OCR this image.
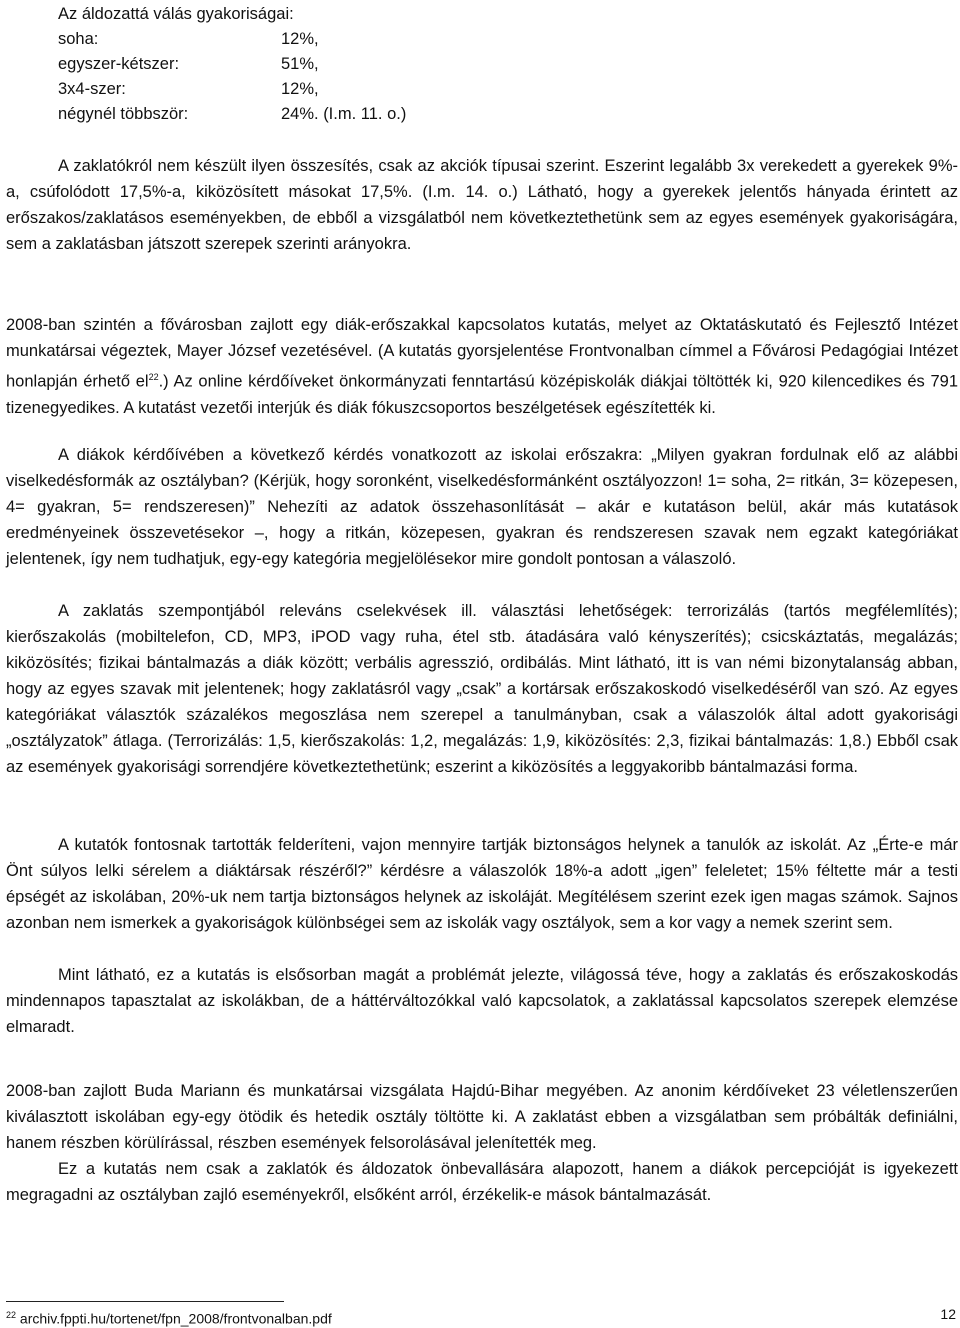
Az áldozattá válás gyakoriságai:
soha:	12%,
egyszer-kétszer:	51%,
3x4-szer:	12%,
négynél többször:	24%. (I.m. 11. o.)

A zaklatókról nem készült ilyen összesítés, csak az akciók típusai szerint. Eszerint legalább 3x verekedett a gyerekek 9%-a, csúfolódott 17,5%-a, kiközösített másokat 17,5%. (I.m. 14. o.) Látható, hogy a gyerekek jelentős hányada érintett az erőszakos/zaklatásos eseményekben, de ebből a vizsgálatból nem következtethetünk sem az egyes események gyakoriságára, sem a zaklatásban játszott szerepek szerinti arányokra.

2008-ban szintén a fővárosban zajlott egy diák-erőszakkal kapcsolatos kutatás, melyet az Oktatáskutató és Fejlesztő Intézet munkatársai végeztek, Mayer József vezetésével. (A kutatás gyorsjelentése Frontvonalban címmel a Fővárosi Pedagógiai Intézet honlapján érhető $el^{22}$.) Az online kérdőíveket önkormányzati fenntartású középiskolák diákjai töltötték ki, 920 kilencedikes és 791 tizenegyedikes. A kutatást vezetői interjúk és diák fókuszcsoportos beszélgetések egészítették ki.

A diákok kérdőívében a következő kérdés vonatkozott az iskolai erőszakra: „Milyen gyakran fordulnak elő az alábbi viselkedésformák az osztályban? (Kérjük, hogy soronként, viselkedésformánként osztályozzon! 1= soha, 2= ritkán, 3= közepesen, 4= gyakran, 5= rendszeresen)” Nehezíti az adatok összehasonlítását – akár e kutatáson belül, akár más kutatások eredményeinek összevetésekor –, hogy a ritkán, közepesen, gyakran és rendszeresen szavak nem egzakt kategóriákat jelentenek, így nem tudhatjuk, egy-egy kategória megjelölésekor mire gondolt pontosan a válaszoló.

A zaklatás szempontjából releváns cselekvések ill. választási lehetőségek: terrorizálás (tartós megfélemlítés); kierőszakolás (mobiltelefon, CD, MP3, iPOD vagy ruha, étel stb. átadására való kényszerítés); csicskáztatás, megalázás; kiközösítés; fizikai bántalmazás a diák között; verbális agresszió, ordibálás. Mint látható, itt is van némi bizonytalanság abban, hogy az egyes szavak mit jelentenek; hogy zaklatásról vagy „csak” a kortársak erőszakoskodó viselkedéséről van szó. Az egyes kategóriákat választók százalékos megoszlása nem szerepel a tanulmányban, csak a válaszolók által adott gyakorisági „osztályzatok” átlaga. (Terrorizálás: 1,5, kierőszakolás: 1,2, megalázás: 1,9, kiközösítés: 2,3, fizikai bántalmazás: 1,8.) Ebből csak az események gyakorisági sorrendjére következtethetünk; eszerint a kiközösítés a leggyakoribb bántalmazási forma.

A kutatók fontosnak tartották felderíteni, vajon mennyire tartják biztonságos helynek a tanulók az iskolát. Az „Érte-e már Önt súlyos lelki sérelem a diáktársak részéről?” kérdésre a válaszolók 18%-a adott „igen” feleletet; 15% féltette már a testi épségét az iskolában, 20%-uk nem tartja biztonságos helynek az iskoláját. Megítélésem szerint ezek igen magas számok. Sajnos azonban nem ismerkek a gyakoriságok különbségei sem az iskolák vagy osztályok, sem a kor vagy a nemek szerint sem.

Mint látható, ez a kutatás is elsősorban magát a problémát jelezte, világossá téve, hogy a zaklatás és erőszakoskodás mindennapos tapasztalat az iskolákban, de a háttérváltozókkal való kapcsolatok, a zaklatással kapcsolatos szerepek elemzése elmaradt.

2008-ban zajlott Buda Mariann és munkatársai vizsgálata Hajdú-Bihar megyében. Az anonim kérdőíveket 23 véletlenszerűen kiválasztott iskolában egy-egy ötödik és hetedik osztály töltötte ki. A zaklatást ebben a vizsgálatban sem próbálták definiálni, hanem részben körülírással, részben események felsorolásával jelenítették meg.

Ez a kutatás nem csak a zaklatók és áldozatok önbevallására alapozott, hanem a diákok percepcióját is igyekezett megragadni az osztályban zajló eseményekről, elsőként arról, érzékelik-e mások bántalmazását.

$^{22}$ archiv.fppti.hu/tortenet/fpn_2008/frontvonalban.pdf	12
